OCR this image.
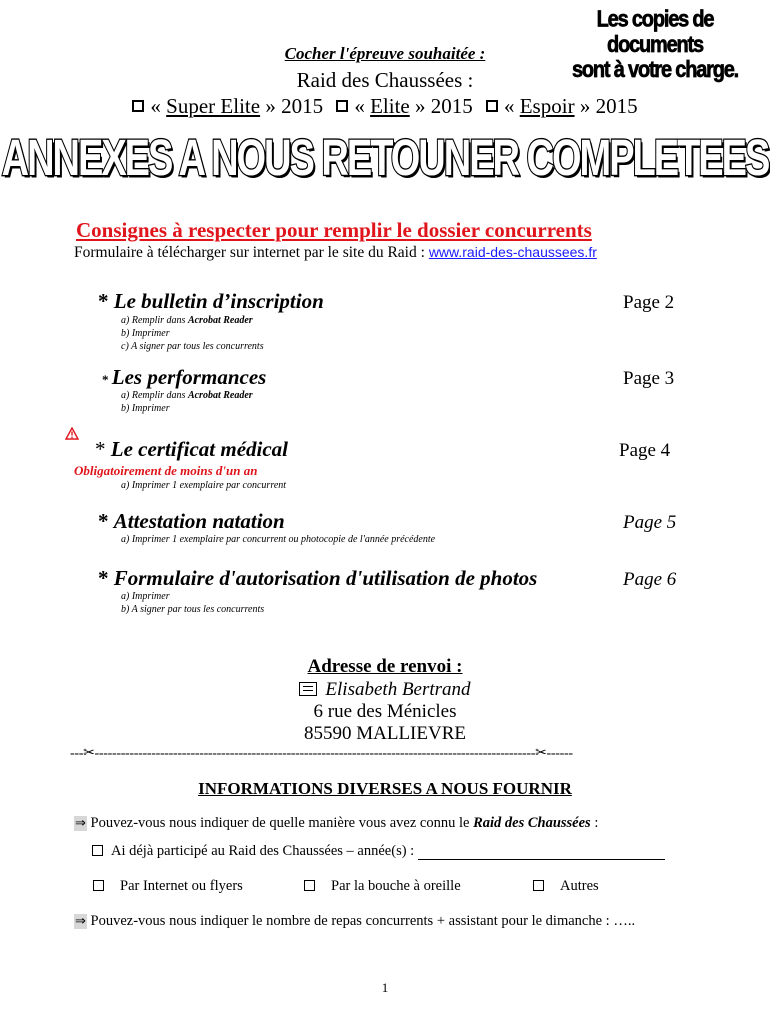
Les copies de documents
sont à votre charge.
Cocher l'épreuve souhaitée :
Raid des Chaussées :
« Super Elite » 2015 « Elite » 2015 « Espoir » 2015
ANNEXES A NOUS RETOUNER COMPLETEES
Consignes à respecter pour remplir le dossier concurrents
Formulaire à télécharger sur internet par le site du Raid : www.raid-des-chaussees.fr
* Le bulletin d’inscription	Page 2
a) Remplir dans Acrobat Reader
b) Imprimer
c) A signer par tous les concurrents
* Les performances	Page 3
a) Remplir dans Acrobat Reader
b) Imprimer
* Le certificat médical	Page 4
Obligatoirement de moins d'un an
a) Imprimer 1 exemplaire par concurrent
* Attestation natation	Page 5
a) Imprimer 1 exemplaire par concurrent ou photocopie de l'année précédente
* Formulaire d'autorisation d'utilisation de photos	Page 6
a) Imprimer
b) A signer par tous les concurrents
Adresse de renvoi :
Elisabeth Bertrand
6 rue des Ménicles
85590 MALLIEVRE
---✂-----------------------------------------------------------------------------------------------------✂------
INFORMATIONS DIVERSES A NOUS FOURNIR
⇒ Pouvez-vous nous indiquer de quelle manière vous avez connu le Raid des Chaussées :
Ai déjà participé au Raid des Chaussées – année(s) :
Par Internet ou flyers	Par la bouche à oreille	Autres
⇒ Pouvez-vous nous indiquer le nombre de repas concurrents + assistant pour le dimanche : …..
1
